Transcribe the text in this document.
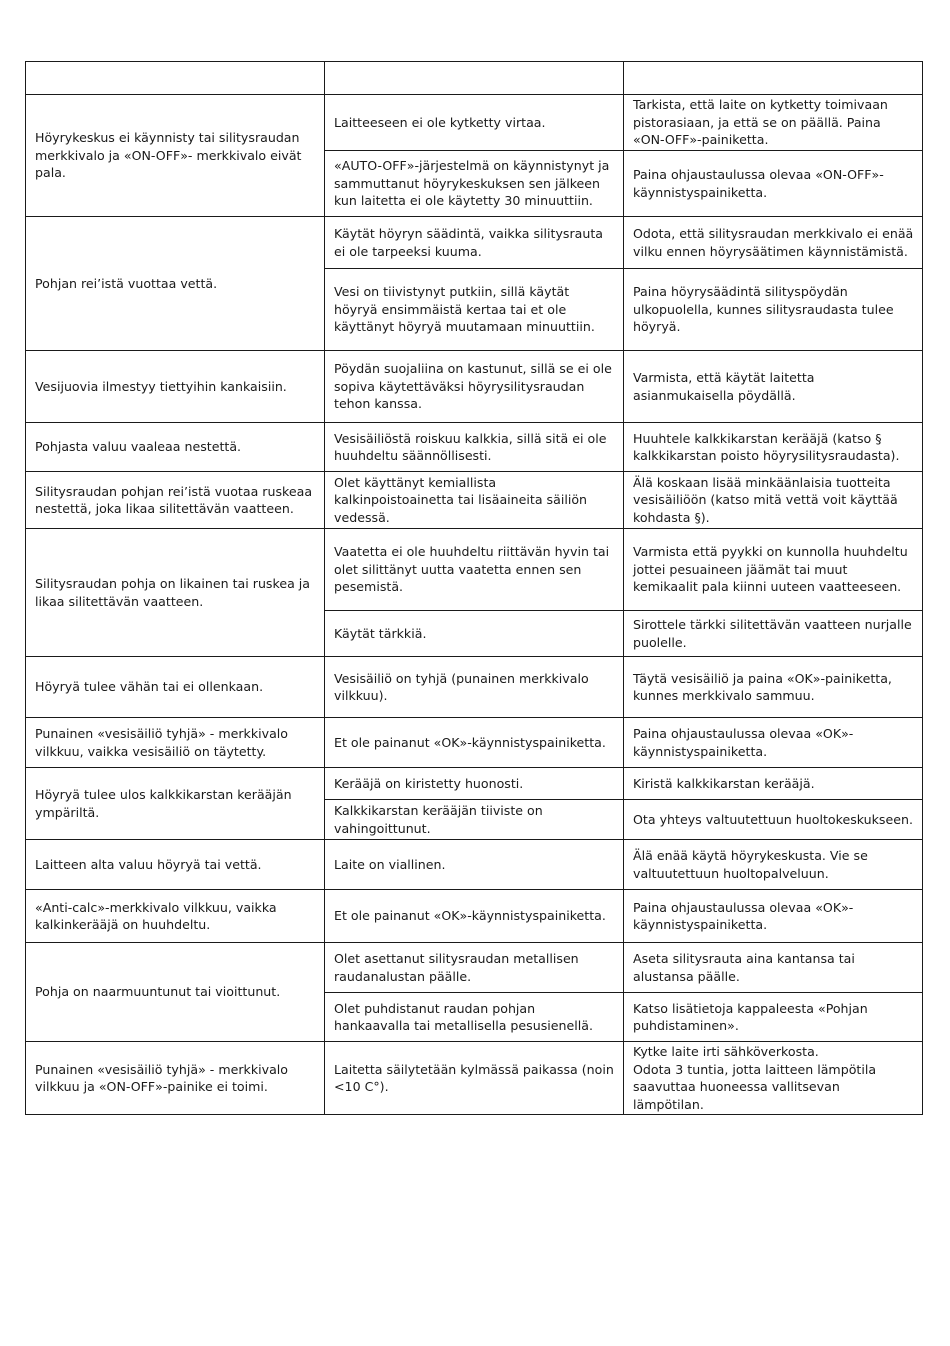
Höyrykeskus ei käynnisty tai silitysraudan merkkivalo ja «ON-OFF»- merkkivalo eivät pala.	Laitteeseen ei ole kytketty virtaa.	Tarkista, että laite on kytketty toimivaan pistorasiaan, ja että se on päällä. Paina «ON-OFF»-painiketta.
	«AUTO-OFF»-järjestelmä on käynnistynyt ja sammuttanut höyrykeskuksen sen jälkeen kun laitetta ei ole käytetty 30 minuuttiin.	Paina ohjaustaulussa olevaa «ON-OFF»-käynnistyspainiketta.
Pohjan rei’istä vuottaa vettä.	Käytät höyryn säädintä, vaikka silitysrauta ei ole tarpeeksi kuuma.	Odota, että silitysraudan merkkivalo ei enää vilku ennen höyrysäätimen käynnistämistä.
	Vesi on tiivistynyt putkiin, sillä käytät höyryä ensimmäistä kertaa tai et ole käyttänyt höyryä muutamaan minuuttiin.	Paina höyrysäädintä silityspöydän ulkopuolella, kunnes silitysraudasta tulee höyryä.
Vesijuovia ilmestyy tiettyihin kankaisiin.	Pöydän suojaliina on kastunut, sillä se ei ole sopiva käytettäväksi höyrysilitysraudan tehon kanssa.	Varmista, että käytät laitetta asianmukaisella pöydällä.
Pohjasta valuu vaaleaa nestettä.	Vesisäiliöstä roiskuu kalkkia, sillä sitä ei ole huuhdeltu säännöllisesti.	Huuhtele kalkkikarstan kerääjä (katso § kalkkikarstan poisto höyrysilitysraudasta).
Silitysraudan pohjan rei’istä vuotaa ruskeaa nestettä, joka likaa silitettävän vaatteen.	Olet käyttänyt kemiallista kalkinpoistoainetta tai lisäaineita säiliön vedessä.	Älä koskaan lisää minkäänlaisia tuotteita vesisäiliöön (katso mitä vettä voit käyttää kohdasta §).
Silitysraudan pohja on likainen tai ruskea ja likaa silitettävän vaatteen.	Vaatetta ei ole huuhdeltu riittävän hyvin tai olet silittänyt uutta vaatetta ennen sen pesemistä.	Varmista että pyykki on kunnolla huuhdeltu jottei pesuaineen jäämät tai muut kemikaalit pala kiinni uuteen vaatteeseen.
	Käytät tärkkiä.	Sirottele tärkki silitettävän vaatteen nurjalle puolelle.
Höyryä tulee vähän tai ei ollenkaan.	Vesisäiliö on tyhjä (punainen merkkivalo vilkkuu).	Täytä vesisäiliö ja paina «OK»-painiketta, kunnes merkkivalo sammuu.
Punainen «vesisäiliö tyhjä» - merkkivalo vilkkuu, vaikka vesisäiliö on täytetty.	Et ole painanut «OK»-käynnistyspainiketta.	Paina ohjaustaulussa olevaa «OK»-käynnistyspainiketta.
Höyryä tulee ulos kalkkikarstan kerääjän ympäriltä.	Kerääjä on kiristetty huonosti.	Kiristä kalkkikarstan kerääjä.
	Kalkkikarstan kerääjän tiiviste on vahingoittunut.	Ota yhteys valtuutettuun huoltokeskukseen.
Laitteen alta valuu höyryä tai vettä.	Laite on viallinen.	Älä enää käytä höyrykeskusta. Vie se valtuutettuun huoltopalveluun.
«Anti-calc»-merkkivalo vilkkuu, vaikka kalkinkerääjä on huuhdeltu.	Et ole painanut «OK»-käynnistyspainiketta.	Paina ohjaustaulussa olevaa «OK»-käynnistyspainiketta.
Pohja on naarmuuntunut tai vioittunut.	Olet asettanut silitysraudan metallisen raudanalustan päälle.	Aseta silitysrauta aina kantansa tai alustansa päälle.
	Olet puhdistanut raudan pohjan hankaavalla tai metallisella pesusienellä.	Katso lisätietoja kappaleesta «Pohjan puhdistaminen».
Punainen «vesisäiliö tyhjä» - merkkivalo vilkkuu ja «ON-OFF»-painike ei toimi.	Laitetta säilytetään kylmässä paikassa (noin <10 C°).	Kytke laite irti sähköverkosta.
Odota 3 tuntia, jotta laitteen lämpötila saavuttaa huoneessa vallitsevan lämpötilan.
